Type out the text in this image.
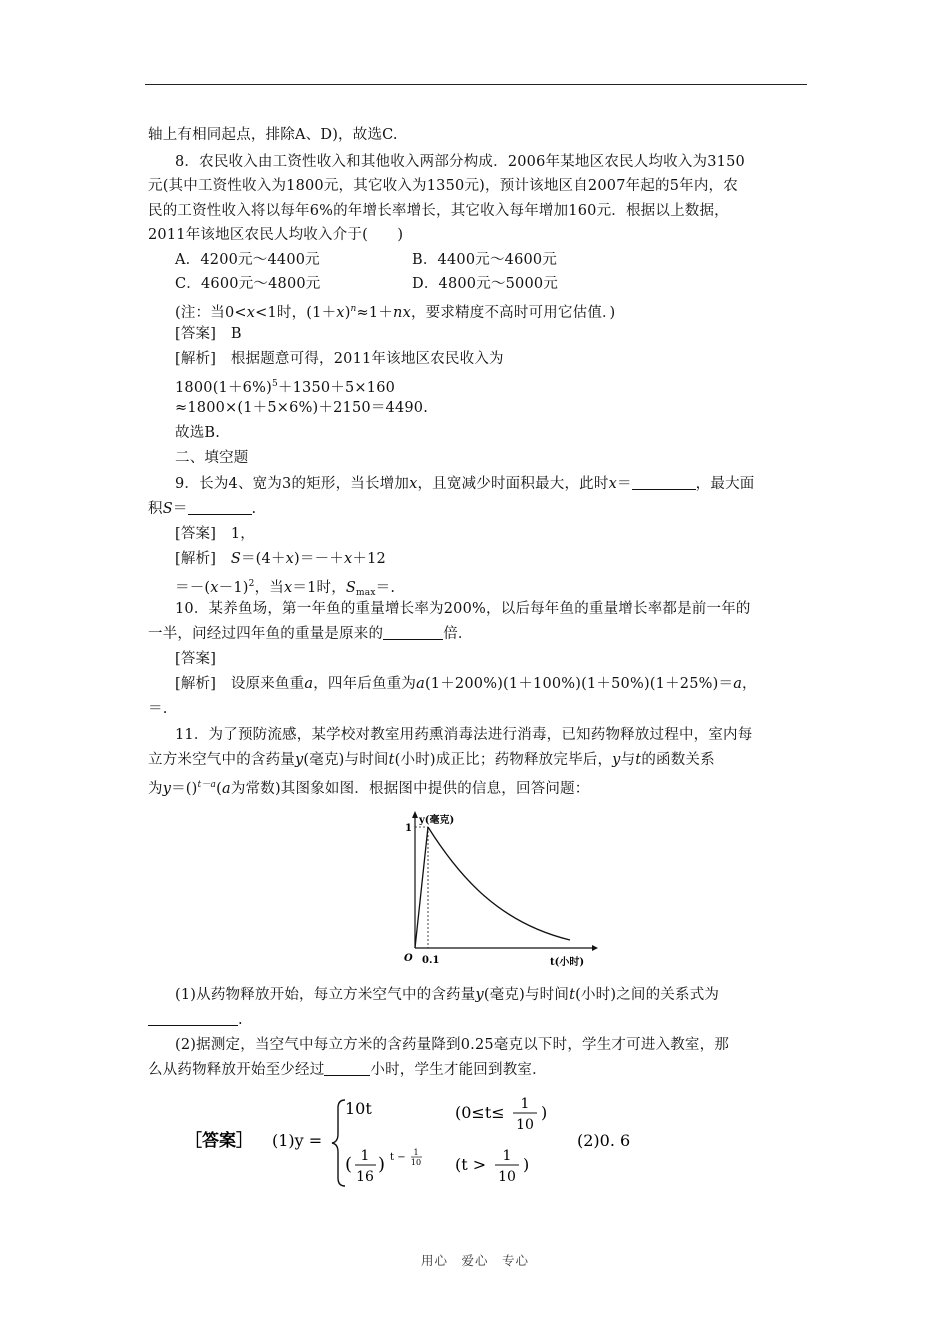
轴上有相同起点，排除A、D)，故选C.
8．农民收入由工资性收入和其他收入两部分构成．2006年某地区农民人均收入为3150
元(其中工资性收入为1800元，其它收入为1350元)，预计该地区自2007年起的5年内，农
民的工资性收入将以每年6%的年增长率增长，其它收入每年增加160元．根据以上数据，
2011年该地区农民人均收入介于(　　)
A．4200元～4400元	B．4400元～4600元
C．4600元～4800元	D．4800元～5000元
(注：当0<x<1时，$(1+x)^n\approx 1+nx$，要求精度不高时可用它估值．)
[答案]　B
[解析]　根据题意可得，2011年该地区农民收入为
$1800(1+6\%)^5+1350+5\times 160$
≈1800×(1＋5×6%)＋2150＝4490.
故选B.
二、填空题
9．长为4、宽为3的矩形，当长增加x，且宽减少时面积最大，此时x＝	，最大面
积S＝	.
[答案]　1，
[解析]　S＝(4＋x)＝－＋x＋12
$=-(x-1)^2$，当x＝1时，$S_{max}=$.
10．某养鱼场，第一年鱼的重量增长率为200%，以后每年鱼的重量增长率都是前一年的
一半，问经过四年鱼的重量是原来的	倍．
[答案]
[解析]　设原来鱼重a，四年后鱼重为a(1＋200%)(1＋100%)(1＋50%)(1＋25%)＝a，
＝.
11．为了预防流感，某学校对教室用药熏消毒法进行消毒，已知药物释放过程中，室内每
立方米空气中的含药量y(毫克)与时间t(小时)成正比；药物释放完毕后，y与t的函数关系
为y＝()$^{t-a}$(a为常数)其图象如图．根据图中提供的信息，回答问题：
y(毫克)
t(小时)
O 0.1
1
(1)从药物释放开始，每立方米空气中的含药量y(毫克)与时间t(小时)之间的关系式为
.
(2)据测定，当空气中每立方米的含药量降到0.25毫克以下时，学生才可进入教室，那
么从药物释放开始至少经过	小时，学生才能回到教室．
［答案］ (1)y =
10t	(0≤t≤ 1
10
)
( 1
16
) t − 1
10 (t > 1
10
)
(2)0. 6
用心　爱心　专心
